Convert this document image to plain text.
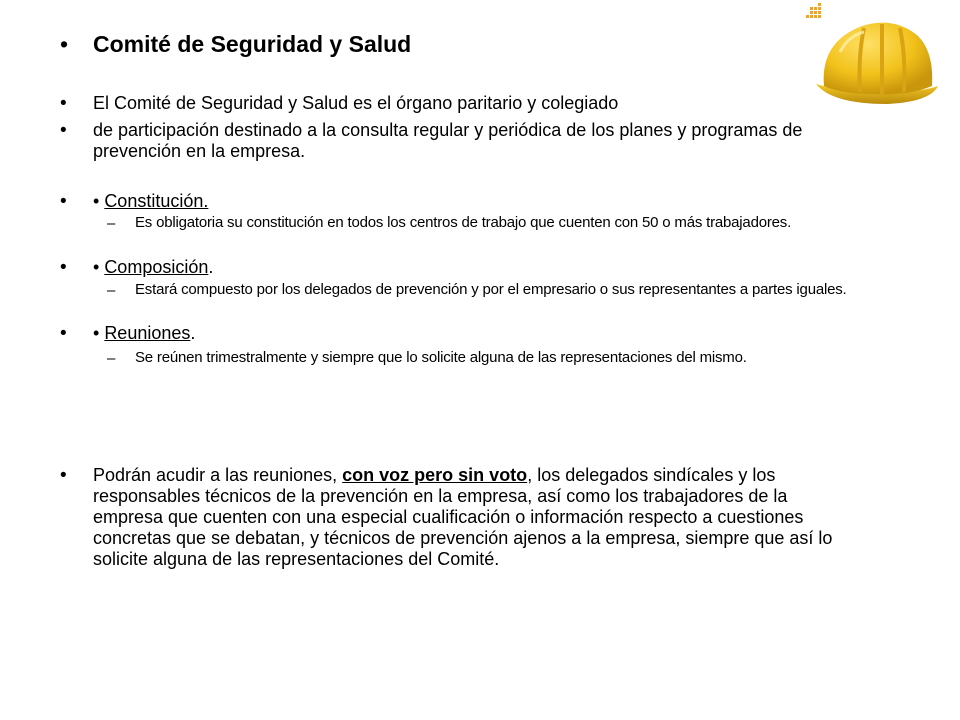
•	Comité de Seguridad y Salud
•	El Comité de Seguridad y Salud es el órgano paritario y colegiado
•	de participación destinado a la consulta regular y periódica de los planes y programas de prevención en la empresa.
•	• Constitución.
–	Es obligatoria su constitución en todos los centros de trabajo que cuenten con 50 o más trabajadores.
•	• Composición.
–	Estará compuesto por los delegados de prevención y por el empresario o sus representantes a partes iguales.
•	• Reuniones.
–	Se reúnen trimestralmente y siempre que lo solicite alguna de las representaciones del mismo.
•	Podrán acudir a las reuniones, con voz pero sin voto, los delegados sindícales y los responsables técnicos de la prevención en la empresa, así como los trabajadores de la empresa que cuenten con una especial cualificación o información respecto a cuestiones concretas que se debatan, y técnicos de prevención ajenos a la empresa, siempre que así lo solicite alguna de las representaciones del Comité.
